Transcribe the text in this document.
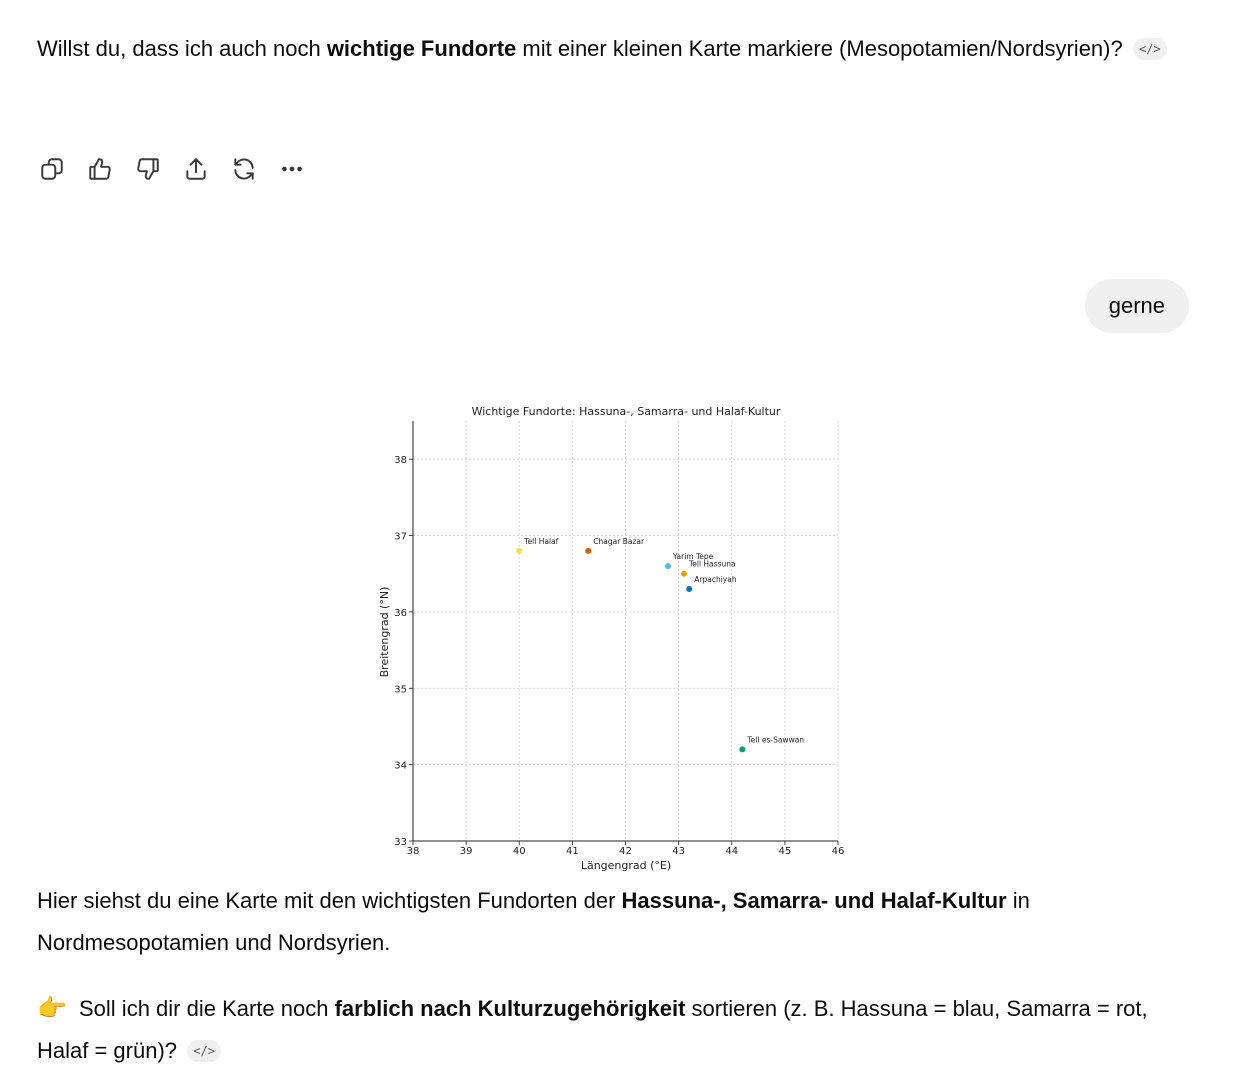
Willst du, dass ich auch noch wichtige Fundorte mit einer kleinen Karte markiere (Mesopotamien/Nordsyrien)? </>

gerne
38	39	40	41	42	43	44	45	46
33
34
35
36
37
38
Tell Halaf	Chagar Bazar
Yarim Tepe
Tell Hassuna
Arpachiyah
Tell es-Sawwan
Wichtige Fundorte: Hassuna-, Samarra- und Halaf-Kultur
Längengrad (°E)
Breitengrad (°N)

Hier siehst du eine Karte mit den wichtigsten Fundorten der Hassuna-, Samarra- und Halaf-Kultur in Nordmesopotamien und Nordsyrien.

👉 Soll ich dir die Karte noch farblich nach Kulturzugehörigkeit sortieren (z. B. Hassuna = blau, Samarra = rot, Halaf = grün)? </>
